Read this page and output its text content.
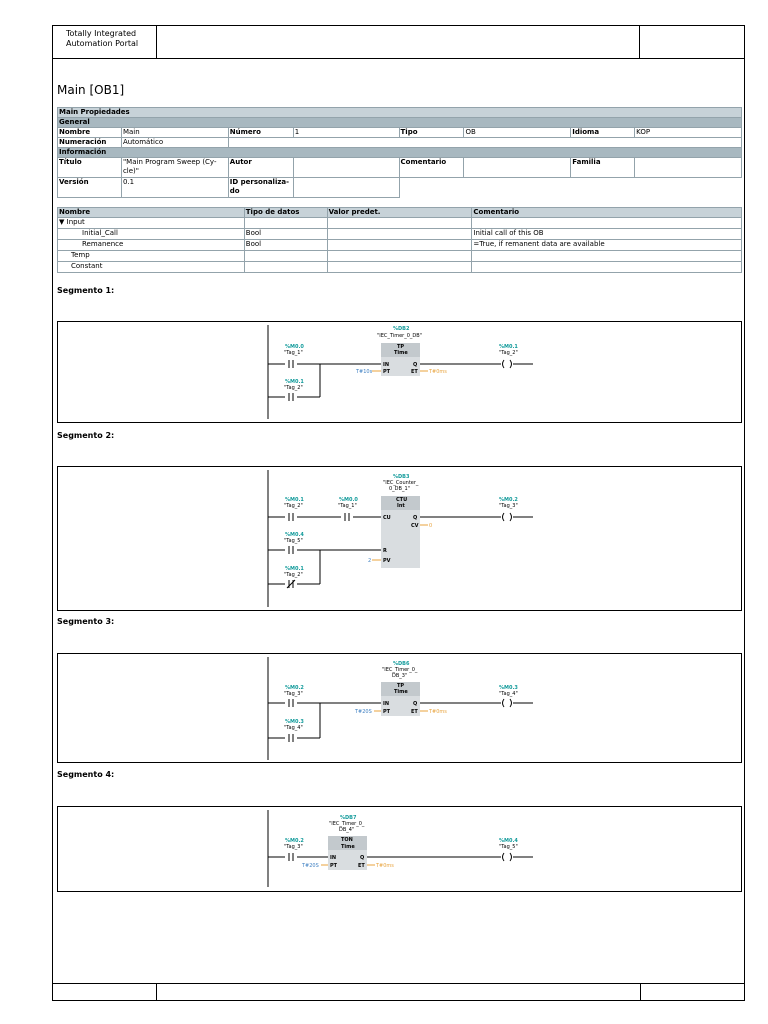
Totally Integrated
Automation Portal
Main [OB1]
Main Propiedades							
General							
Nombre	Main	Número	1	Tipo	OB	Idioma	KOP
Numeración	Automático						
Información							
Título	"Main Program Sweep (Cy-cle)"	Autor		Comentario		Familia	
Versión	0.1	ID personaliza-do					
Nombre	Tipo de datos	Valor predet.	Comentario
▼ Input			
Initial_Call	Bool		Initial call of this OB
Remanence	Bool		=True, if remanent data are available
Temp			
Constant			
Segmento 1:
%M0.0
"Tag_1"
%M0.1
"Tag_2"
%DB2
"IEC_Timer_0_DB"
TP
Time
IN
PT
Q
ET
T#10s	T#0ms
%M0.1
"Tag_2"
Segmento 2:
%M0.1
"Tag_2"
%M0.0
"Tag_1"
%M0.4
"Tag_5"
%M0.1
"Tag_2"
%DB3
"IEC_Counter_
0_DB_1"
CTU
Int
CU
R
PV
Q
CV
2
0
%M0.2
"Tag_3"
Segmento 3:
%M0.2
"Tag_3"
%M0.3
"Tag_4"
%DB6
"IEC_Timer_0_
DB_3"
TP
Time
IN
PT
Q
ET
T#20S	T#0ms
%M0.3
"Tag_4"
Segmento 4:
%M0.2
"Tag_3"
%DB7
"IEC_Timer_0_
DB_4"
TON
Time
IN
PT
Q
ET
T#20S	T#0ms
%M0.4
"Tag_5"
